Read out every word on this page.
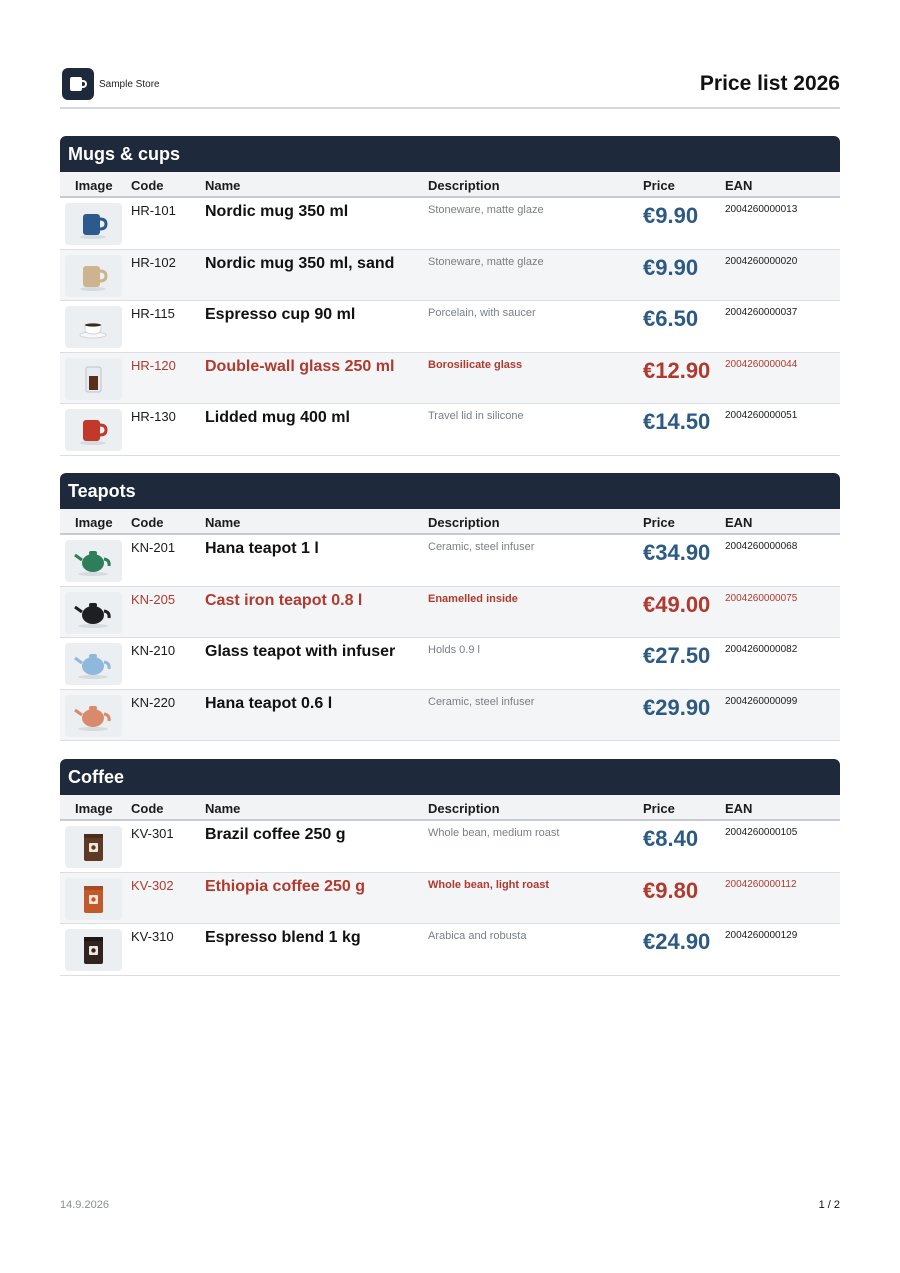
Sample Store	Price list 2026
Mugs & cups
Image Code	Name	Description	Price	EAN
HR-101 Nordic mug 350 ml	Stoneware, matte glaze	€9.90	2004260000013
HR-102 Nordic mug 350 ml, sand	Stoneware, matte glaze	€9.90	2004260000020
HR-115 Espresso cup 90 ml	Porcelain, with saucer	€6.50	2004260000037
HR-120 Double-wall glass 250 ml	Borosilicate glass	€12.90 2004260000044
HR-130 Lidded mug 400 ml	Travel lid in silicone	€14.50 2004260000051
Teapots
Image Code	Name	Description	Price	EAN
KN-201 Hana teapot 1 l	Ceramic, steel infuser	€34.90 2004260000068
KN-205 Cast iron teapot 0.8 l	Enamelled inside	€49.00 2004260000075
KN-210 Glass teapot with infuser	Holds 0.9 l	€27.50 2004260000082
KN-220 Hana teapot 0.6 l	Ceramic, steel infuser	€29.90 2004260000099
Coffee
Image Code	Name	Description	Price	EAN
KV-301 Brazil coffee 250 g	Whole bean, medium roast	€8.40	2004260000105
KV-302 Ethiopia coffee 250 g	Whole bean, light roast	€9.80	2004260000112
KV-310 Espresso blend 1 kg	Arabica and robusta	€24.90 2004260000129
14.9.2026	1 / 2
